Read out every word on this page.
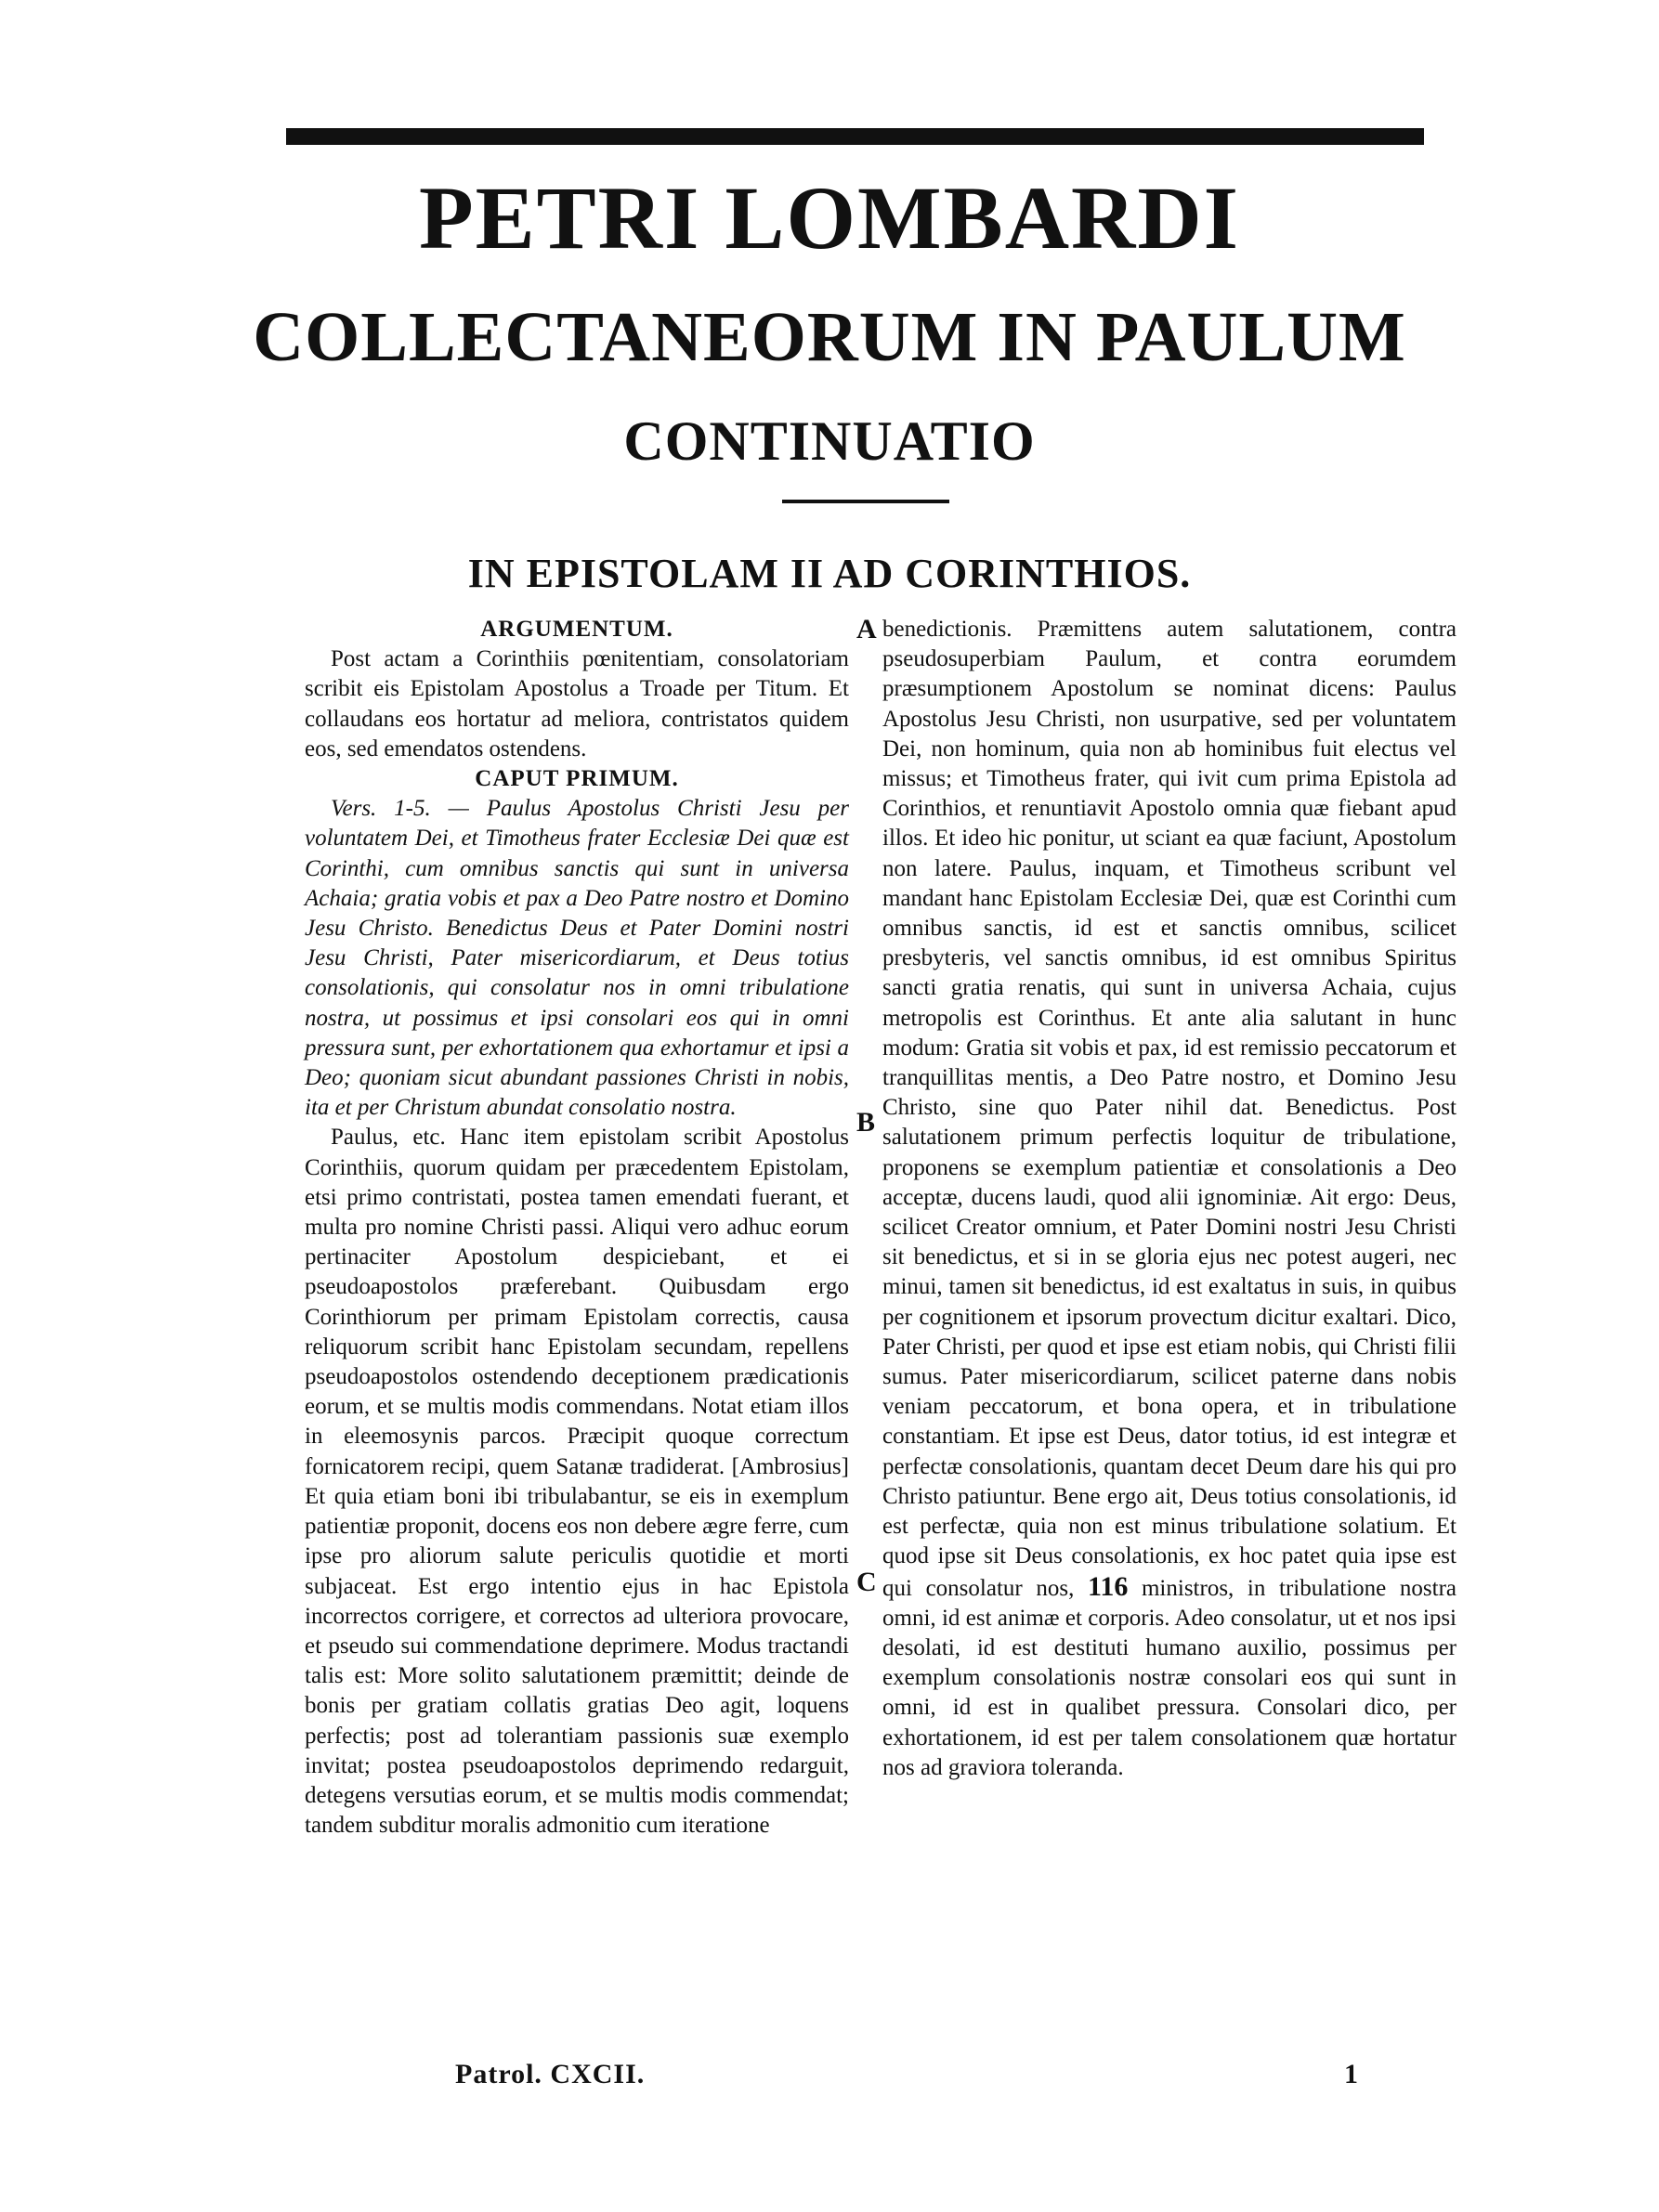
PETRI LOMBARDI
COLLECTANEORUM IN PAULUM
CONTINUATIO
IN EPISTOLAM II AD CORINTHIOS.

ARGUMENTUM.

Post actam a Corinthiis pœnitentiam, consolatoriam scribit eis Epistolam Apostolus a Troade per Titum. Et collaudans eos hortatur ad meliora, contristatos quidem eos, sed emendatos ostendens.

CAPUT PRIMUM.

Vers. 1-5. — Paulus Apostolus Christi Jesu per voluntatem Dei, et Timotheus frater Ecclesiæ Dei quæ est Corinthi, cum omnibus sanctis qui sunt in universa Achaia; gratia vobis et pax a Deo Patre nostro et Domino Jesu Christo. Benedictus Deus et Pater Domini nostri Jesu Christi, Pater misericordiarum, et Deus totius consolationis, qui consolatur nos in omni tribulatione nostra, ut possimus et ipsi consolari eos qui in omni pressura sunt, per exhortationem qua exhortamur et ipsi a Deo; quoniam sicut abundant passiones Christi in nobis, ita et per Christum abundat consolatio nostra.

Paulus, etc. Hanc item epistolam scribit Apostolus Corinthiis, quorum quidam per præcedentem Epistolam, etsi primo contristati, postea tamen emendati fuerant, et multa pro nomine Christi passi. Aliqui vero adhuc eorum pertinaciter Apostolum despiciebant, et ei pseudoapostolos præferebant. Quibusdam ergo Corinthiorum per primam Epistolam correctis, causa reliquorum scribit hanc Epistolam secundam, repellens pseudoapostolos ostendendo deceptionem prædicationis eorum, et se multis modis commendans. Notat etiam illos in eleemosynis parcos. Præcipit quoque correctum fornicatorem recipi, quem Satanæ tradiderat. [Ambrosius] Et quia etiam boni ibi tribulabantur, se eis in exemplum patientiæ proponit, docens eos non debere ægre ferre, cum ipse pro aliorum salute periculis quotidie et morti subjaceat. Est ergo intentio ejus in hac Epistola incorrectos corrigere, et correctos ad ulteriora provocare, et pseudo sui commendatione deprimere. Modus tractandi talis est: More solito salutationem præmittit; deinde de bonis per gratiam collatis gratias Deo agit, loquens perfectis; post ad tolerantiam passionis suæ exemplo invitat; postea pseudoapostolos deprimendo redarguit, detegens versutias eorum, et se multis modis commendat; tandem subditur moralis admonitio cum iteratione

A
B
C

benedictionis. Præmittens autem salutationem, contra pseudosuperbiam Paulum, et contra eorumdem præsumptionem Apostolum se nominat dicens: Paulus Apostolus Jesu Christi, non usurpative, sed per voluntatem Dei, non hominum, quia non ab hominibus fuit electus vel missus; et Timotheus frater, qui ivit cum prima Epistola ad Corinthios, et renuntiavit Apostolo omnia quæ fiebant apud illos. Et ideo hic ponitur, ut sciant ea quæ faciunt, Apostolum non latere. Paulus, inquam, et Timotheus scribunt vel mandant hanc Epistolam Ecclesiæ Dei, quæ est Corinthi cum omnibus sanctis, id est et sanctis omnibus, scilicet presbyteris, vel sanctis omnibus, id est omnibus Spiritus sancti gratia renatis, qui sunt in universa Achaia, cujus metropolis est Corinthus. Et ante alia salutant in hunc modum: Gratia sit vobis et pax, id est remissio peccatorum et tranquillitas mentis, a Deo Patre nostro, et Domino Jesu Christo, sine quo Pater nihil dat. Benedictus. Post salutationem primum perfectis loquitur de tribulatione, proponens se exemplum patientiæ et consolationis a Deo acceptæ, ducens laudi, quod alii ignominiæ. Ait ergo: Deus, scilicet Creator omnium, et Pater Domini nostri Jesu Christi sit benedictus, et si in se gloria ejus nec potest augeri, nec minui, tamen sit benedictus, id est exaltatus in suis, in quibus per cognitionem et ipsorum provectum dicitur exaltari. Dico, Pater Christi, per quod et ipse est etiam nobis, qui Christi filii sumus. Pater misericordiarum, scilicet paterne dans nobis veniam peccatorum, et bona opera, et in tribulatione constantiam. Et ipse est Deus, dator totius, id est integræ et perfectæ consolationis, quantam decet Deum dare his qui pro Christo patiuntur. Bene ergo ait, Deus totius consolationis, id est perfectæ, quia non est minus tribulatione solatium. Et quod ipse sit Deus consolationis, ex hoc patet quia ipse est qui consolatur nos, 116 ministros, in tribulatione nostra omni, id est animæ et corporis. Adeo consolatur, ut et nos ipsi desolati, id est destituti humano auxilio, possimus per exemplum consolationis nostræ consolari eos qui sunt in omni, id est in qualibet pressura. Consolari dico, per exhortationem, id est per talem consolationem quæ hortatur nos ad graviora toleranda.

Patrol. CXCII.	1
